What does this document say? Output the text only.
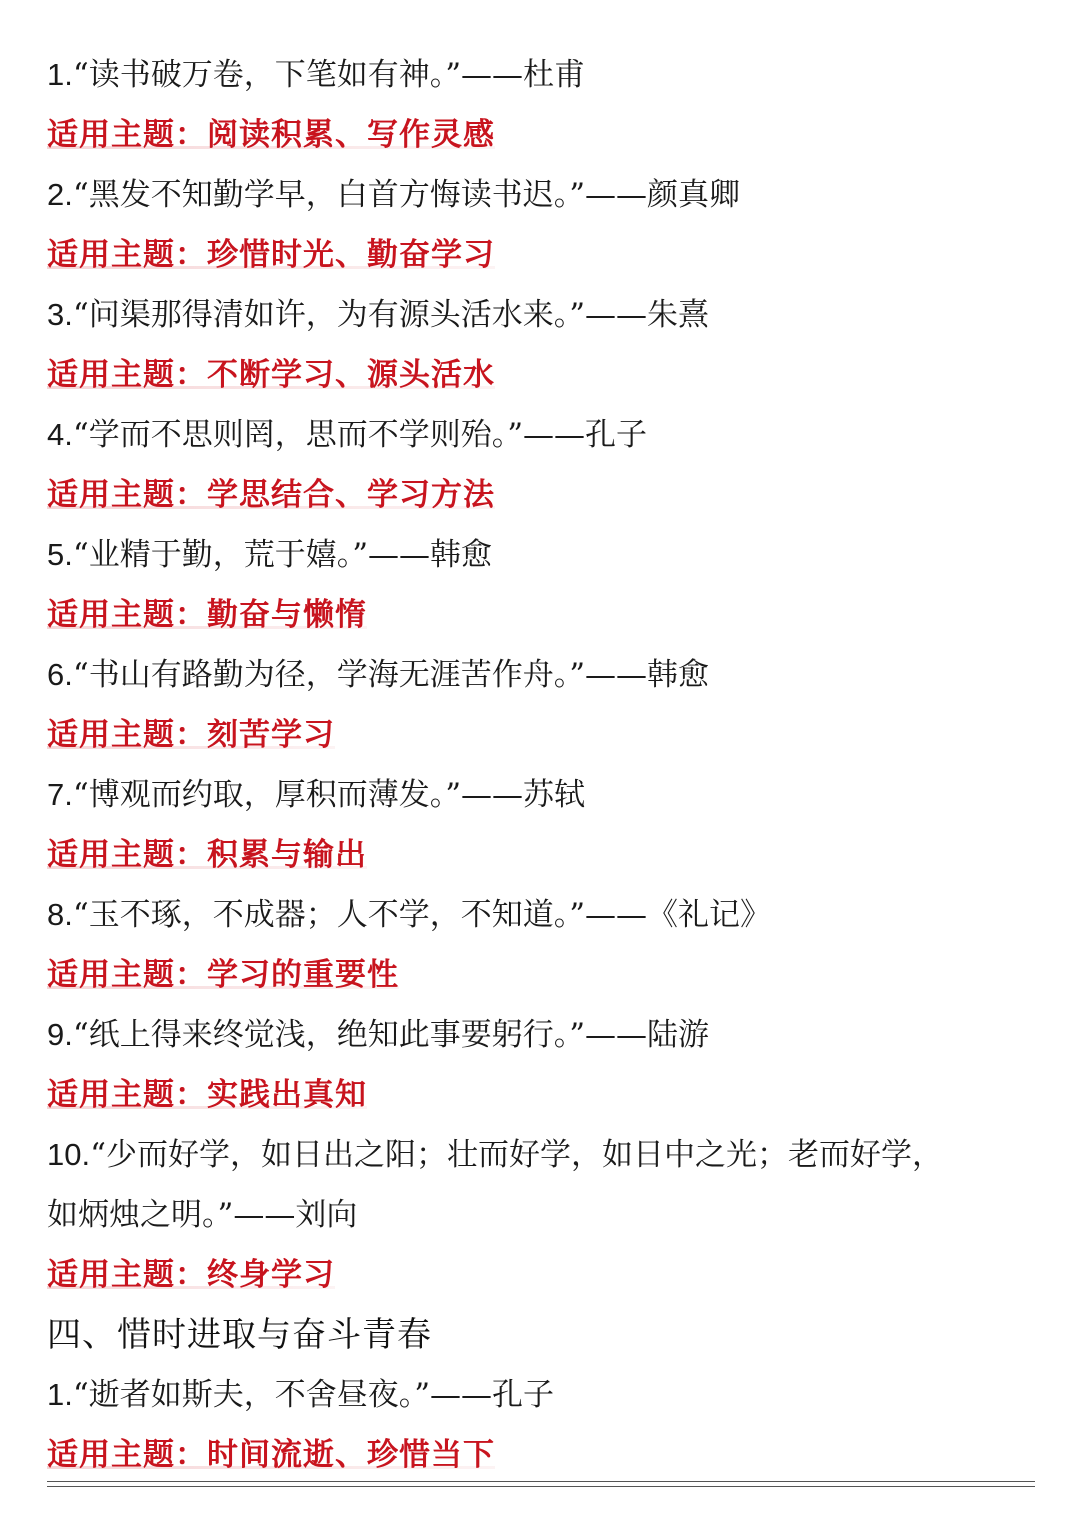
1.“读书破万卷，下笔如有神。”——杜甫
适用主题：阅读积累、写作灵感
2.“黑发不知勤学早，白首方悔读书迟。”——颜真卿
适用主题：珍惜时光、勤奋学习
3.“问渠那得清如许，为有源头活水来。”——朱熹
适用主题：不断学习、源头活水
4.“学而不思则罔，思而不学则殆。”——孔子
适用主题：学思结合、学习方法
5.“业精于勤，荒于嬉。”——韩愈
适用主题：勤奋与懒惰
6.“书山有路勤为径，学海无涯苦作舟。”——韩愈
适用主题：刻苦学习
7.“博观而约取，厚积而薄发。”——苏轼
适用主题：积累与输出
8.“玉不琢，不成器；人不学，不知道。”——《礼记》
适用主题：学习的重要性
9.“纸上得来终觉浅，绝知此事要躬行。”——陆游
适用主题：实践出真知
10.“少而好学，如日出之阳；壮而好学，如日中之光；老而好学，
如炳烛之明。”——刘向
适用主题：终身学习
四、惜时进取与奋斗青春
1.“逝者如斯夫，不舍昼夜。”——孔子
适用主题：时间流逝、珍惜当下
